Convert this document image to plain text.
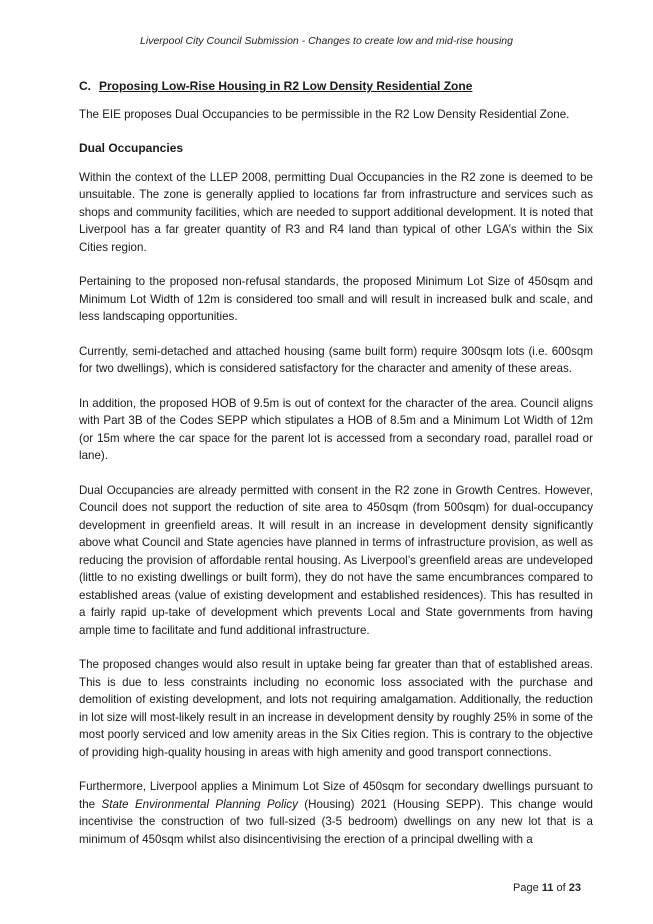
Liverpool City Council Submission - Changes to create low and mid-rise housing
C. Proposing Low-Rise Housing in R2 Low Density Residential Zone

The EIE proposes Dual Occupancies to be permissible in the R2 Low Density Residential Zone.

Dual Occupancies

Within the context of the LLEP 2008, permitting Dual Occupancies in the R2 zone is deemed to be unsuitable. The zone is generally applied to locations far from infrastructure and services such as shops and community facilities, which are needed to support additional development. It is noted that Liverpool has a far greater quantity of R3 and R4 land than typical of other LGA’s within the Six Cities region.

Pertaining to the proposed non-refusal standards, the proposed Minimum Lot Size of 450sqm and Minimum Lot Width of 12m is considered too small and will result in increased bulk and scale, and less landscaping opportunities.

Currently, semi-detached and attached housing (same built form) require 300sqm lots (i.e. 600sqm for two dwellings), which is considered satisfactory for the character and amenity of these areas.

In addition, the proposed HOB of 9.5m is out of context for the character of the area. Council aligns with Part 3B of the Codes SEPP which stipulates a HOB of 8.5m and a Minimum Lot Width of 12m (or 15m where the car space for the parent lot is accessed from a secondary road, parallel road or lane).

Dual Occupancies are already permitted with consent in the R2 zone in Growth Centres. However, Council does not support the reduction of site area to 450sqm (from 500sqm) for dual-occupancy development in greenfield areas. It will result in an increase in development density significantly above what Council and State agencies have planned in terms of infrastructure provision, as well as reducing the provision of affordable rental housing. As Liverpool’s greenfield areas are undeveloped (little to no existing dwellings or built form), they do not have the same encumbrances compared to established areas (value of existing development and established residences). This has resulted in a fairly rapid up-take of development which prevents Local and State governments from having ample time to facilitate and fund additional infrastructure.

The proposed changes would also result in uptake being far greater than that of established areas. This is due to less constraints including no economic loss associated with the purchase and demolition of existing development, and lots not requiring amalgamation. Additionally, the reduction in lot size will most-likely result in an increase in development density by roughly 25% in some of the most poorly serviced and low amenity areas in the Six Cities region. This is contrary to the objective of providing high-quality housing in areas with high amenity and good transport connections.

Furthermore, Liverpool applies a Minimum Lot Size of 450sqm for secondary dwellings pursuant to the State Environmental Planning Policy (Housing) 2021 (Housing SEPP). This change would incentivise the construction of two full-sized (3-5 bedroom) dwellings on any new lot that is a minimum of 450sqm whilst also disincentivising the erection of a principal dwelling with a

Page 11 of 23
